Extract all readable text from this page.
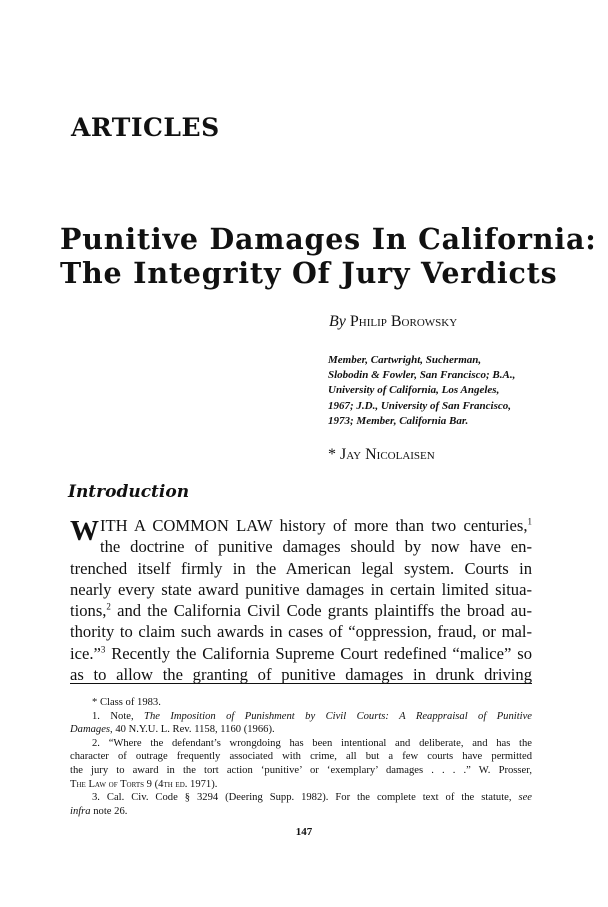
ARTICLES
Punitive Damages In California:
The Integrity Of Jury Verdicts
By Philip Borowsky
Member, Cartwright, Sucherman,
Slobodin & Fowler, San Francisco; B.A.,
University of California, Los Angeles,
1967; J.D., University of San Francisco,
1973; Member, California Bar.
* Jay Nicolaisen
Introduction
W ITH A COMMON LAW history of more than two centuries,$^1$
the doctrine of punitive damages should by now have en-
trenched itself firmly in the American legal system. Courts in
nearly every state award punitive damages in certain limited situa-
tions,$^2$ and the California Civil Code grants plaintiffs the broad au-
thority to claim such awards in cases of “oppression, fraud, or mal-
ice.”$^3$ Recently the California Supreme Court redefined “malice” so
as to allow the granting of punitive damages in drunk driving
* Class of 1983.
1. Note, The Imposition of Punishment by Civil Courts: A Reappraisal of Punitive
Damages, 40 N.Y.U. L. Rev. 1158, 1160 (1966).
2. “Where the defendant’s wrongdoing has been intentional and deliberate, and has the
character of outrage frequently associated with crime, all but a few courts have permitted
the jury to award in the tort action ‘punitive’ or ‘exemplary’ damages . . . .” W. Prosser,
The Law of Torts 9 (4th ed. 1971).
3. Cal. Civ. Code § 3294 (Deering Supp. 1982). For the complete text of the statute, see
infra note 26.
147
